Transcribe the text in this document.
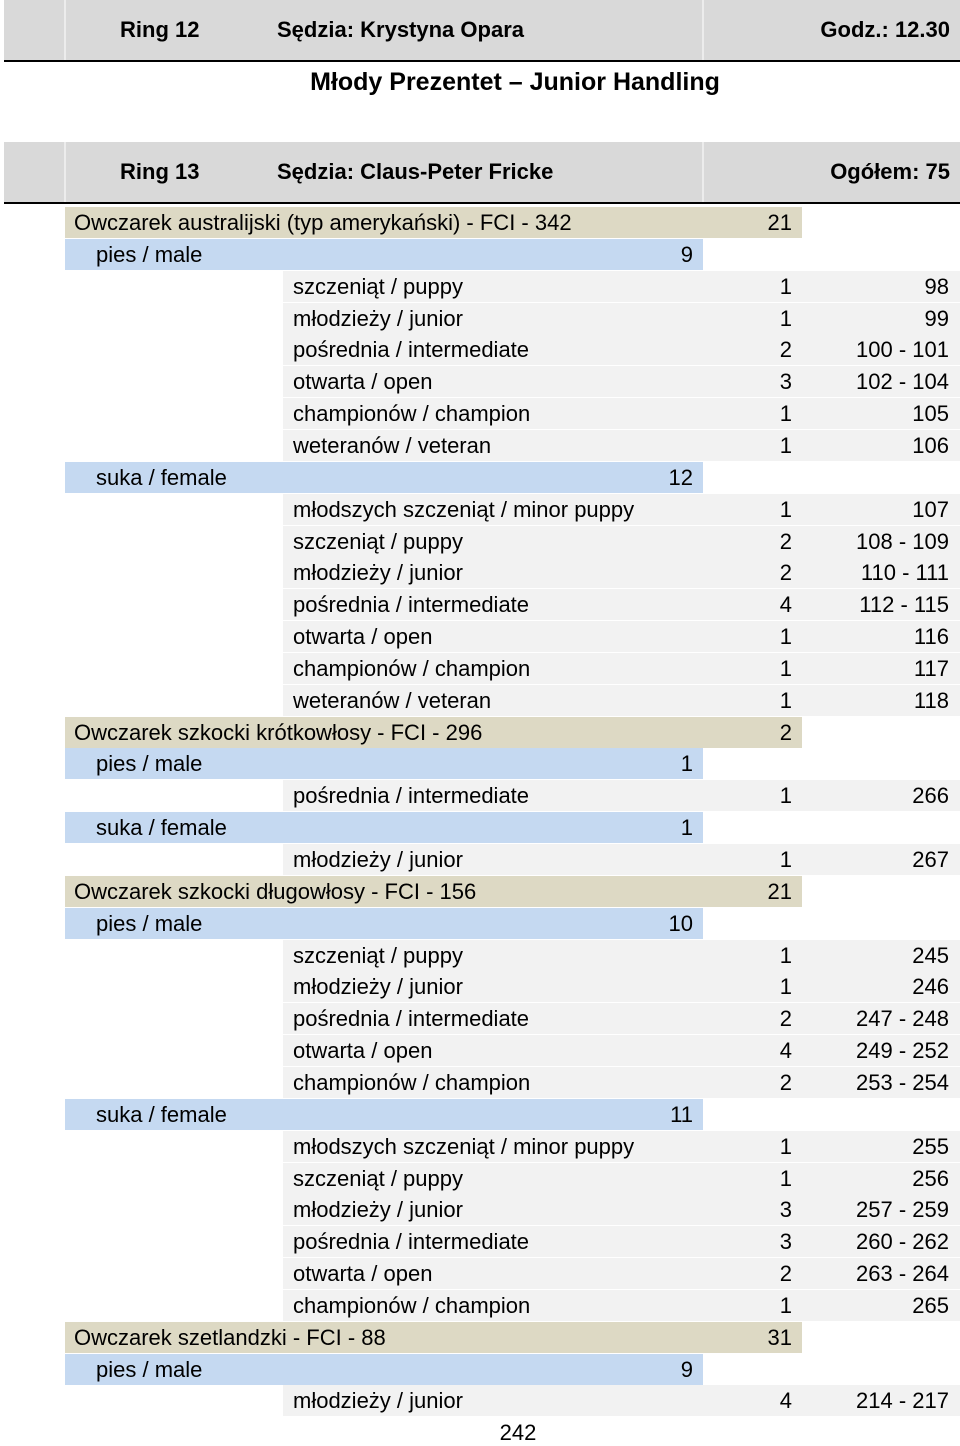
Ring 12	Sędzia: Krystyna Opara	Godz.: 12.30
Młody Prezentet – Junior Handling
Ring 13	Sędzia: Claus-Peter Fricke	Ogółem: 75
Owczarek australijski (typ amerykański) - FCI - 342	21
pies / male	9
szczeniąt / puppy	1	98
młodzieży / junior	1	99
pośrednia / intermediate	2	100 - 101
otwarta / open	3	102 - 104
championów / champion	1	105
weteranów / veteran	1	106
suka / female	12
młodszych szczeniąt / minor puppy	1	107
szczeniąt / puppy	2	108 - 109
młodzieży / junior	2	110 - 111
pośrednia / intermediate	4	112 - 115
otwarta / open	1	116
championów / champion	1	117
weteranów / veteran	1	118
Owczarek szkocki krótkowłosy - FCI - 296	2
pies / male	1
pośrednia / intermediate	1	266
suka / female	1
młodzieży / junior	1	267
Owczarek szkocki długowłosy - FCI - 156	21
pies / male	10
szczeniąt / puppy	1	245
młodzieży / junior	1	246
pośrednia / intermediate	2	247 - 248
otwarta / open	4	249 - 252
championów / champion	2	253 - 254
suka / female	11
młodszych szczeniąt / minor puppy	1	255
szczeniąt / puppy	1	256
młodzieży / junior	3	257 - 259
pośrednia / intermediate	3	260 - 262
otwarta / open	2	263 - 264
championów / champion	1	265
Owczarek szetlandzki - FCI - 88	31
pies / male	9
młodzieży / junior	4	214 - 217
242
